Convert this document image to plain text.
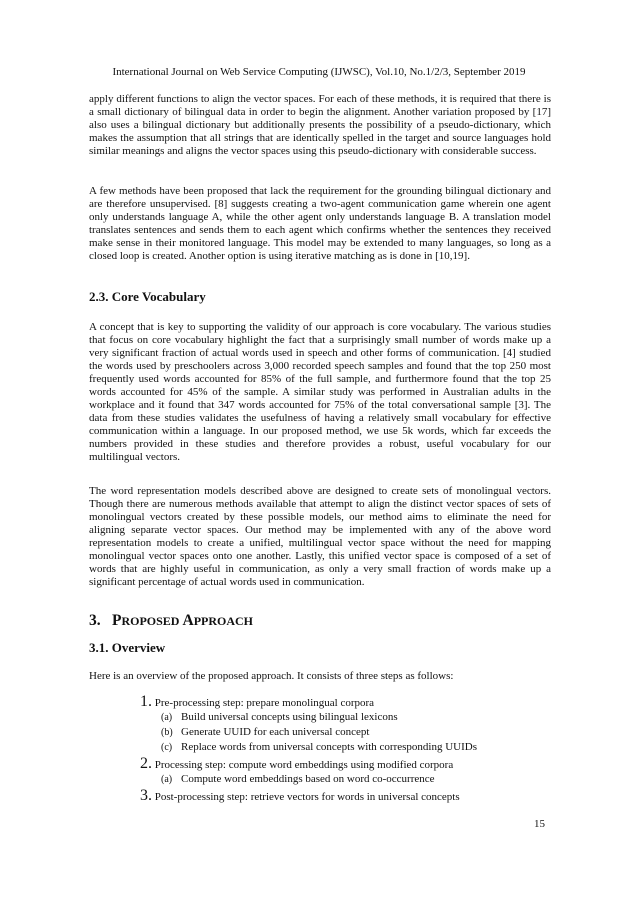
International Journal on Web Service Computing (IJWSC), Vol.10, No.1/2/3, September 2019
apply different functions to align the vector spaces. For each of these methods, it is required that there is a small dictionary of bilingual data in order to begin the alignment. Another variation proposed by [17] also uses a bilingual dictionary but additionally presents the possibility of a pseudo-dictionary, which makes the assumption that all strings that are identically spelled in the target and source languages hold similar meanings and aligns the vector spaces using this pseudo-dictionary with considerable success.
A few methods have been proposed that lack the requirement for the grounding bilingual dictionary and are therefore unsupervised. [8] suggests creating a two-agent communication game wherein one agent only understands language A, while the other agent only understands language B. A translation model translates sentences and sends them to each agent which confirms whether the sentences they received make sense in their monitored language. This model may be extended to many languages, so long as a closed loop is created. Another option is using iterative matching as is done in [10,19].
2.3. Core Vocabulary
A concept that is key to supporting the validity of our approach is core vocabulary. The various studies that focus on core vocabulary highlight the fact that a surprisingly small number of words make up a very significant fraction of actual words used in speech and other forms of communication. [4] studied the words used by preschoolers across 3,000 recorded speech samples and found that the top 250 most frequently used words accounted for 85% of the full sample, and furthermore found that the top 25 words accounted for 45% of the sample. A similar study was performed in Australian adults in the workplace and it found that 347 words accounted for 75% of the total conversational sample [3]. The data from these studies validates the usefulness of having a relatively small vocabulary for effective communication within a language. In our proposed method, we use 5k words, which far exceeds the numbers provided in these studies and therefore provides a robust, useful vocabulary for our multilingual vectors.
The word representation models described above are designed to create sets of monolingual vectors. Though there are numerous methods available that attempt to align the distinct vector spaces of sets of monolingual vectors created by these possible models, our method aims to eliminate the need for aligning separate vector spaces. Our method may be implemented with any of the above word representation models to create a unified, multilingual vector space without the need for mapping monolingual vector spaces onto one another. Lastly, this unified vector space is composed of a set of words that are highly useful in communication, as only a very small fraction of words make up a significant percentage of actual words used in communication.
3. PROPOSED APPROACH
3.1. Overview
Here is an overview of the proposed approach. It consists of three steps as follows:
1. Pre-processing step: prepare monolingual corpora
(a) Build universal concepts using bilingual lexicons
(b) Generate UUID for each universal concept
(c) Replace words from universal concepts with corresponding UUIDs
2. Processing step: compute word embeddings using modified corpora
(a) Compute word embeddings based on word co-occurrence
3. Post-processing step: retrieve vectors for words in universal concepts
15
